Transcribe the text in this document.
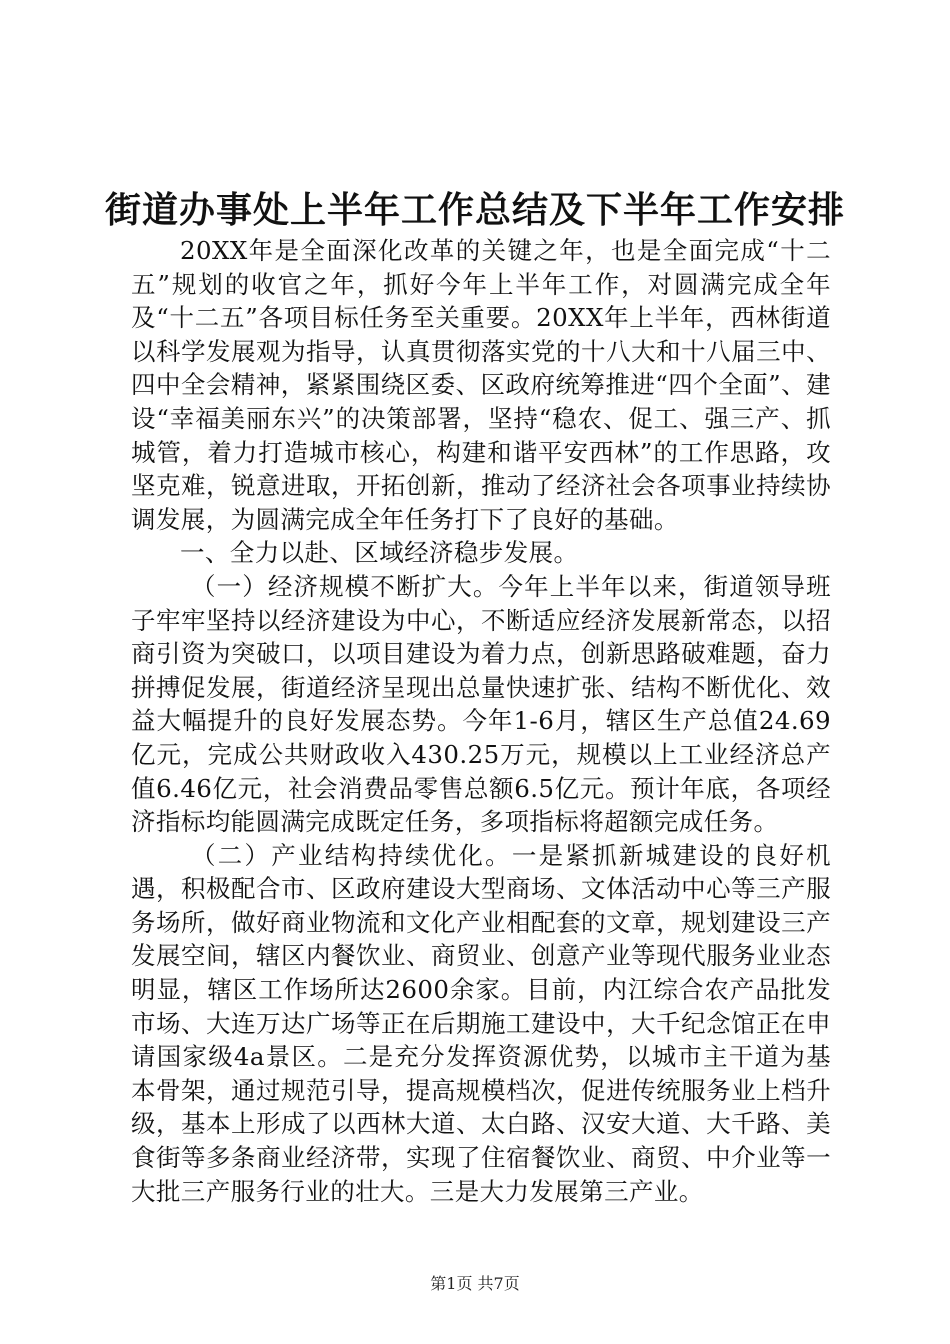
街道办事处上半年工作总结及下半年工作安排

20XX年是全面深化改革的关键之年，也是全面完成“十二五”规划的收官之年，抓好今年上半年工作，对圆满完成全年及“十二五”各项目标任务至关重要。20XX年上半年，西林街道以科学发展观为指导，认真贯彻落实党的十八大和十八届三中、四中全会精神，紧紧围绕区委、区政府统筹推进“四个全面”、建设“幸福美丽东兴”的决策部署，坚持“稳农、促工、强三产、抓城管，着力打造城市核心，构建和谐平安西林”的工作思路，攻坚克难，锐意进取，开拓创新，推动了经济社会各项事业持续协调发展，为圆满完成全年任务打下了良好的基础。

一、全力以赴、区域经济稳步发展。

（一）经济规模不断扩大。今年上半年以来，街道领导班子牢牢坚持以经济建设为中心，不断适应经济发展新常态，以招商引资为突破口，以项目建设为着力点，创新思路破难题，奋力拼搏促发展，街道经济呈现出总量快速扩张、结构不断优化、效益大幅提升的良好发展态势。今年1-6月，辖区生产总值24.69亿元，完成公共财政收入430.25万元，规模以上工业经济总产值6.46亿元，社会消费品零售总额6.5亿元。预计年底，各项经济指标均能圆满完成既定任务，多项指标将超额完成任务。

（二）产业结构持续优化。一是紧抓新城建设的良好机遇，积极配合市、区政府建设大型商场、文体活动中心等三产服务场所，做好商业物流和文化产业相配套的文章，规划建设三产发展空间，辖区内餐饮业、商贸业、创意产业等现代服务业业态明显，辖区工作场所达2600余家。目前，内江综合农产品批发市场、大连万达广场等正在后期施工建设中，大千纪念馆正在申请国家级4a景区。二是充分发挥资源优势，以城市主干道为基本骨架，通过规范引导，提高规模档次，促进传统服务业上档升级，基本上形成了以西林大道、太白路、汉安大道、大千路、美食街等多条商业经济带，实现了住宿餐饮业、商贸、中介业等一大批三产服务行业的壮大。三是大力发展第三产业。

第1页 共7页
